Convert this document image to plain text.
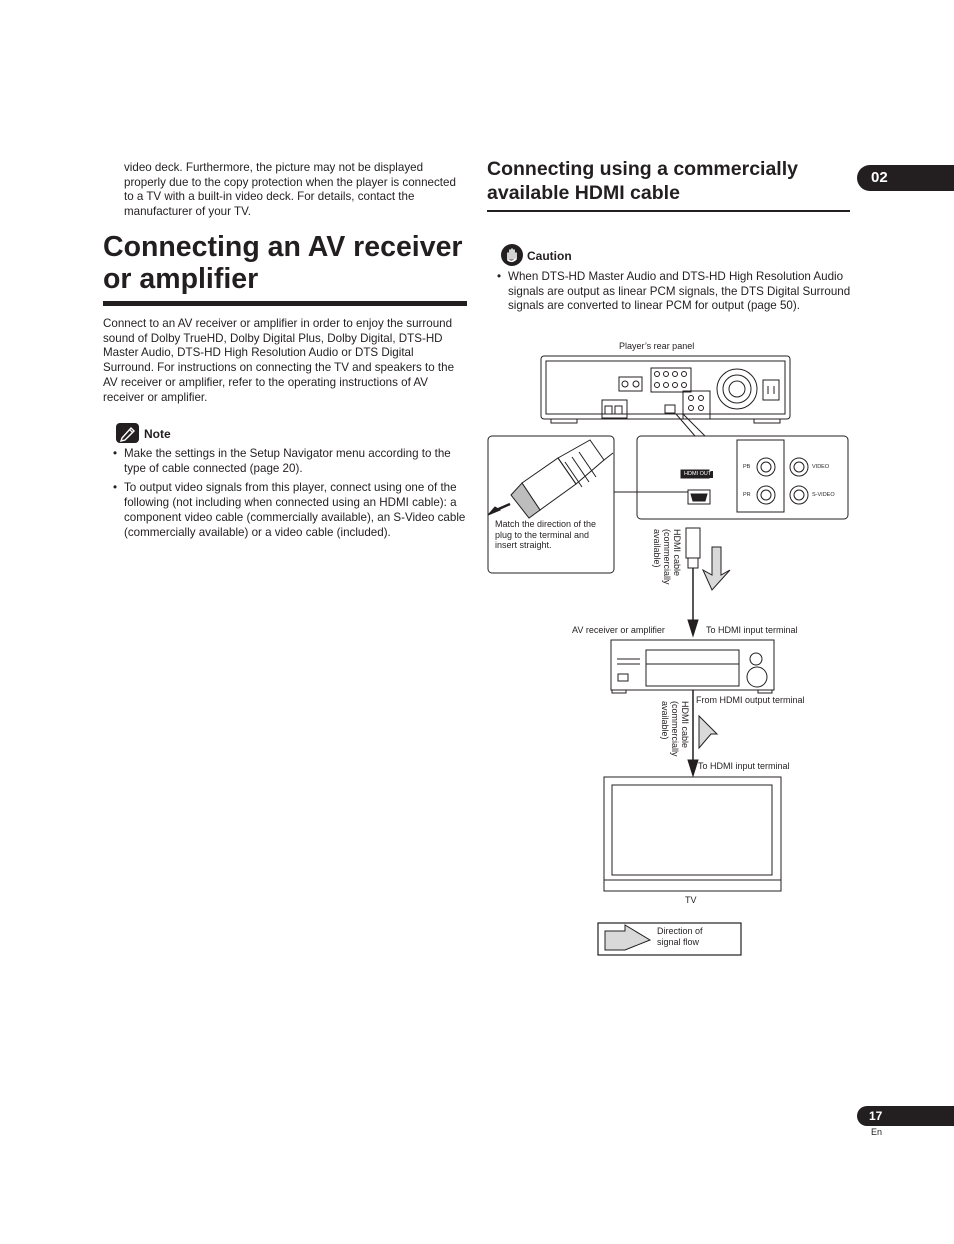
video deck. Furthermore, the picture may not be displayed properly due to the copy protection when the player is connected to a TV with a built-in video deck. For details, contact the manufacturer of your TV.
Connecting an AV receiver or amplifier
Connect to an AV receiver or amplifier in order to enjoy the surround sound of Dolby TrueHD, Dolby Digital Plus, Dolby Digital, DTS-HD Master Audio, DTS-HD High Resolution Audio or DTS Digital Surround. For instructions on connecting the TV and speakers to the AV receiver or amplifier, refer to the operating instructions of AV receiver or amplifier.
Note
• Make the settings in the Setup Navigator menu according to the type of cable connected (page 20).
• To output video signals from this player, connect using one of the following (not including when connected using an HDMI cable): a component video cable (commercially available), an S-Video cable (commercially available) or a video cable (included).
Connecting using a commercially available HDMI cable
02
Caution
• When DTS-HD Master Audio and DTS-HD High Resolution Audio signals are output as linear PCM signals, the DTS Digital Surround signals are converted to linear PCM for output (page 50).
Player’s rear panel
HDMI OUT
PB
PR
VIDEO
S-VIDEO
Match the direction of the plug to the terminal and insert straight.	HDMI cable (commercially available)
AV receiver or amplifier	To HDMI input terminal
From HDMI output terminal
HDMI cable (commercially available)
To HDMI input terminal
TV
Direction of signal flow
17
En
